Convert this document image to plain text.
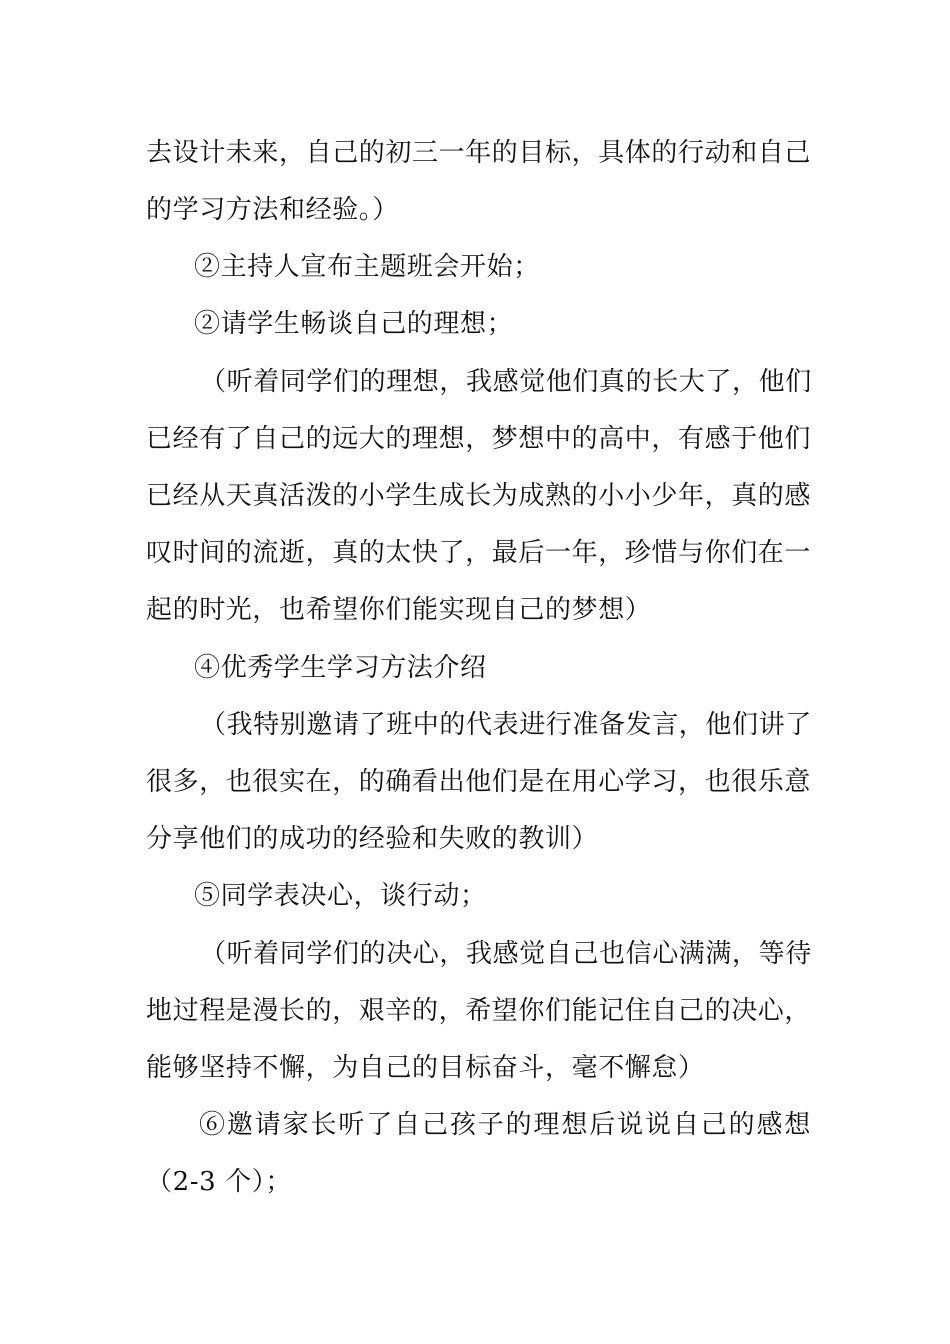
去设计未来，自己的初三一年的目标，具体的行动和自己
的学习方法和经验。）
②主持人宣布主题班会开始；
②请学生畅谈自己的理想；
（听着同学们的理想，我感觉他们真的长大了，他们
已经有了自己的远大的理想，梦想中的高中，有感于他们
已经从天真活泼的小学生成长为成熟的小小少年，真的感
叹时间的流逝，真的太快了，最后一年，珍惜与你们在一
起的时光，也希望你们能实现自己的梦想）
④优秀学生学习方法介绍
（我特别邀请了班中的代表进行准备发言，他们讲了
很多，也很实在，的确看出他们是在用心学习，也很乐意
分享他们的成功的经验和失败的教训）
⑤同学表决心，谈行动；
（听着同学们的决心，我感觉自己也信心满满，等待
地过程是漫长的，艰辛的，希望你们能记住自己的决心，
能够坚持不懈，为自己的目标奋斗，毫不懈怠）
⑥邀请家长听了自己孩子的理想后说说自己的感想
（2-3 个）；
